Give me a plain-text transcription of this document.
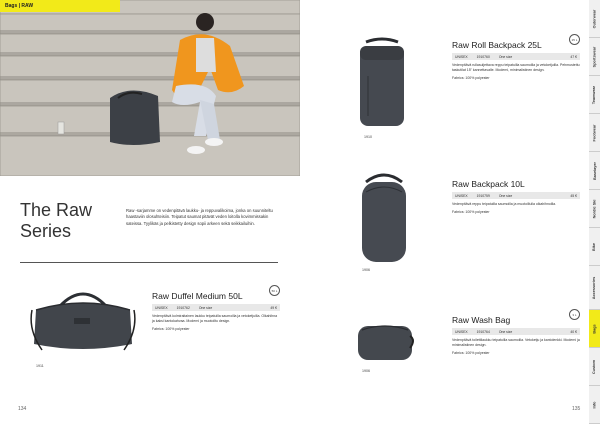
Bags | RAW
The Raw
Series
Raw -sarjamme on vedenpitävä laukku- ja reppuvalikoima, jonka on suunniteltu haastaviin olosuhteisiin. Teipatut saumat pitävät veden loitolla kovimmissakin sateissa. Tyylikäs ja pelkistetty design sopii arkeen sekä seikkailuihin.
1911
Raw Duffel Medium 50L	50 L
UNISEX	1910762	One size	49 €
Vedenpitävä kolmiraitainen laukku teipatuilla saumoilla ja vetoketjuilla. Olkahihna ja kaksi kantokahvaa. Moderni ja muotoiltu design.
Fabrics: 100% polyester
134
1910
Raw Roll Backpack 25L	25 L
UNISEX	1910760	One size	47 €
Vedenpitävä rullasuljettava reppu teipatuilla saumoilla ja vetoketjuilla. Pehmustettu taskutilat 15" kannettavalle. Moderni, minimalistinen design.
Fabrics: 100% polyester
1906
Raw Backpack 10L
UNISEX	1910759	One size	45 €
Vedenpitävä reppu teipatuilla saumoilla ja muotoillulla olkahihnoilla.
Fabrics: 100% polyester
1906
Raw Wash Bag	3 L
UNISEX	1910764	One size	40 €
Vedenpitävä toilettilaukku teipatuilla saumoilla. Vetoketju ja kantolenkki. Moderni ja minimalistinen design.
Fabrics: 100% polyester
135
Outerwear
Sportswear
Teamwear
Footwear
Baselayer
Nordic Ski
Bike
Accessories
Bags
Custom
Info
